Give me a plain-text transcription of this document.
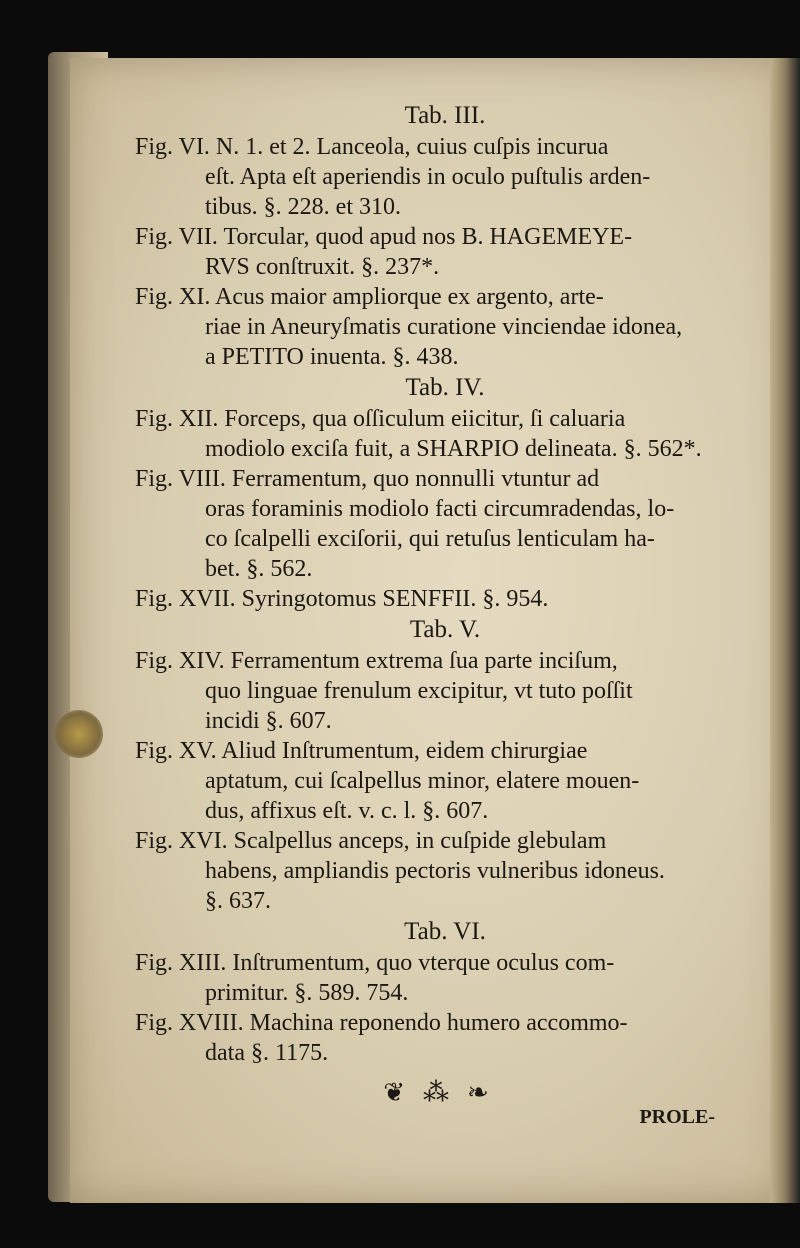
Tab. III.
Fig. VI. N. 1. et 2. Lanceola, cuius cuſpis incurua
eſt. Apta eſt aperiendis in oculo puſtulis arden-
tibus. §. 228. et 310.
Fig. VII. Torcular, quod apud nos B. HAGEMEYE-
RVS conſtruxit. §. 237*.
Fig. XI. Acus maior ampliorque ex argento, arte-
riae in Aneuryſmatis curatione vinciendae idonea,
a PETITO inuenta. §. 438.
Tab. IV.
Fig. XII. Forceps, qua oſſiculum eiicitur, ſi caluaria
modiolo exciſa fuit, a SHARPIO delineata. §. 562*.
Fig. VIII. Ferramentum, quo nonnulli vtuntur ad
oras foraminis modiolo facti circumradendas, lo-
co ſcalpelli exciſorii, qui retuſus lenticulam ha-
bet. §. 562.
Fig. XVII. Syringotomus SENFFII. §. 954.
Tab. V.
Fig. XIV. Ferramentum extrema ſua parte inciſum,
quo linguae frenulum excipitur, vt tuto poſſit
incidi §. 607.
Fig. XV. Aliud Inſtrumentum, eidem chirurgiae
aptatum, cui ſcalpellus minor, elatere mouen-
dus, affixus eſt. v. c. l. §. 607.
Fig. XVI. Scalpellus anceps, in cuſpide glebulam
habens, ampliandis pectoris vulneribus idoneus.
§. 637.
Tab. VI.
Fig. XIII. Inſtrumentum, quo vterque oculus com-
primitur. §. 589. 754.
Fig. XVIII. Machina reponendo humero accommo-
data §. 1175.
❦⁂❧
PROLE-
